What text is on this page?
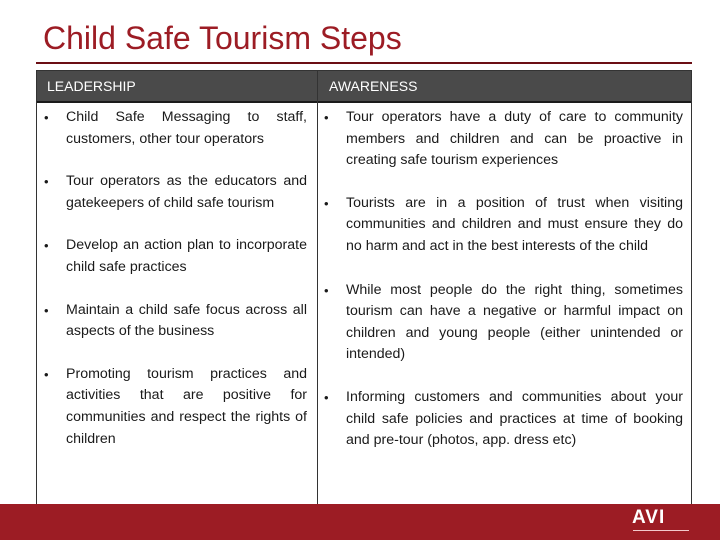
Child Safe Tourism Steps
LEADERSHIP	AWARENESS
• Child Safe Messaging to staff, customers, other tour operators
• Tour operators as the educators and gatekeepers of child safe tourism
• Develop an action plan to incorporate child safe practices
• Maintain a child safe focus across all aspects of the business
• Promoting tourism practices and activities that are positive for communities and respect the rights of children
• Tour operators have a duty of care to community members and children and can be proactive in creating safe tourism experiences
• Tourists are in a position of trust when visiting communities and children and must ensure they do no harm and act in the best interests of the child
• While most people do the right thing, sometimes tourism can have a negative or harmful impact on children and young people (either unintended or intended)
• Informing customers and communities about your child safe policies and practices at time of booking and pre-tour (photos, app. dress etc)
AVI
